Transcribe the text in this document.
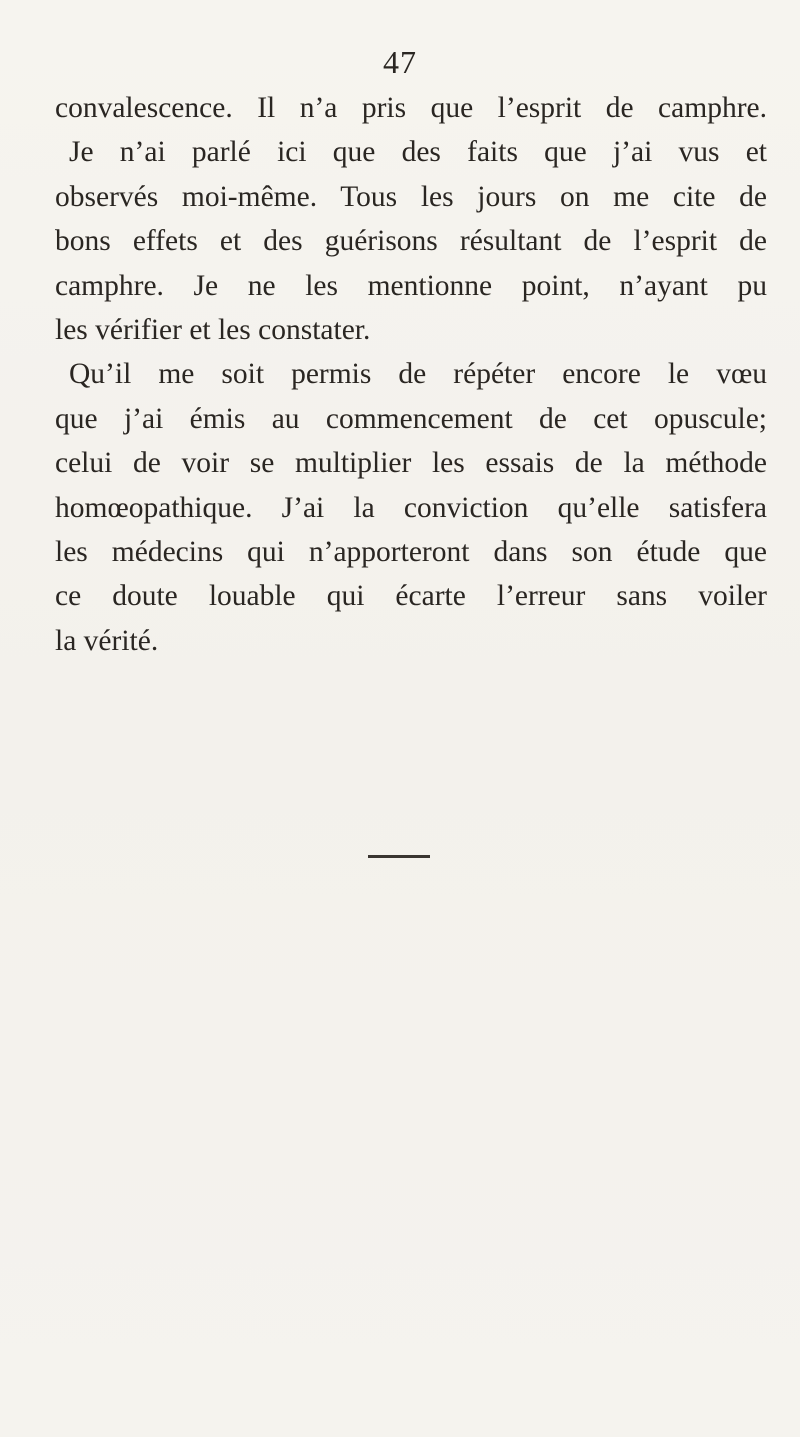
47
convalescence. Il n’a pris que l’esprit de camphre.
Je n’ai parlé ici que des faits que j’ai vus et
observés moi-même. Tous les jours on me cite de
bons effets et des guérisons résultant de l’esprit de
camphre. Je ne les mentionne point, n’ayant pu
les vérifier et les constater.
Qu’il me soit permis de répéter encore le vœu
que j’ai émis au commencement de cet opuscule;
celui de voir se multiplier les essais de la méthode
homœopathique. J’ai la conviction qu’elle satisfera
les médecins qui n’apporteront dans son étude que
ce doute louable qui écarte l’erreur sans voiler
la vérité.
